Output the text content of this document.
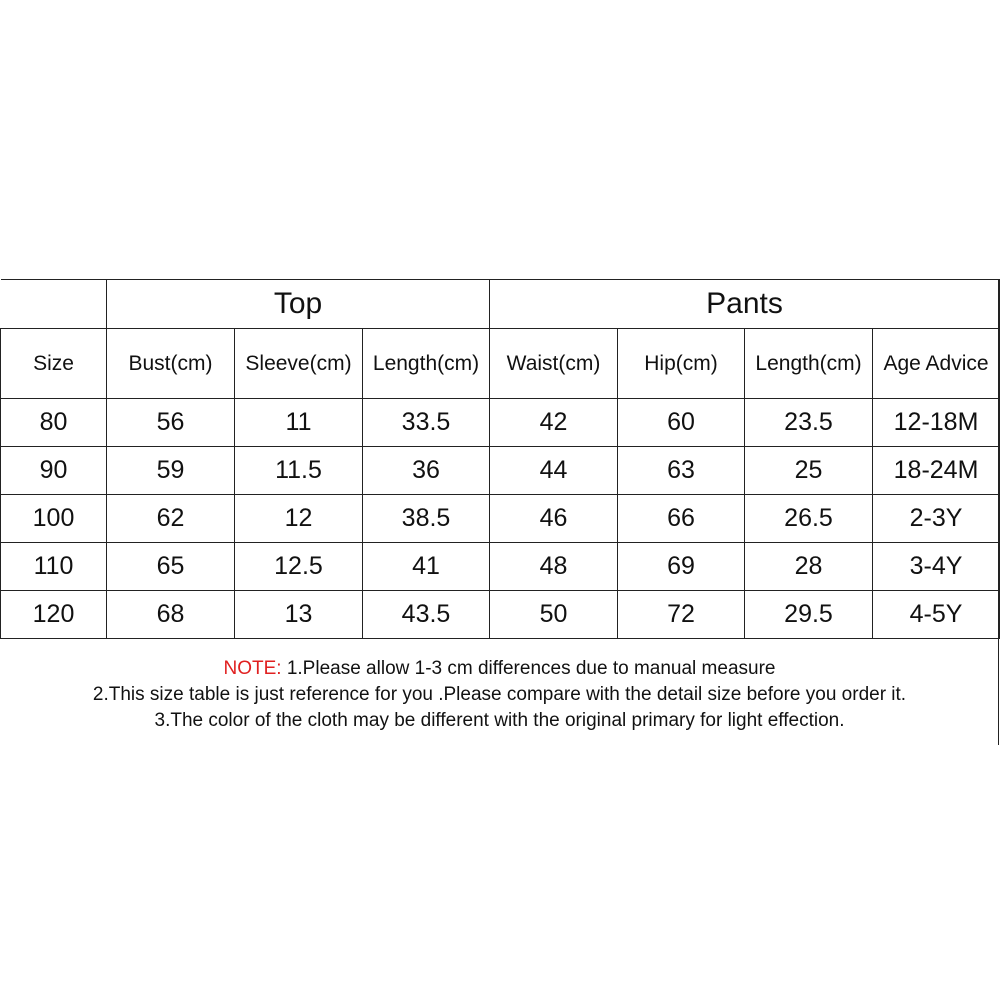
	Top			Pants			
Size	Bust(cm)	Sleeve(cm)	Length(cm)	Waist(cm)	Hip(cm)	Length(cm)	Age Advice
80	56	11	33.5	42	60	23.5	12-18M
90	59	11.5	36	44	63	25	18-24M
100	62	12	38.5	46	66	26.5	2-3Y
110	65	12.5	41	48	69	28	3-4Y
120	68	13	43.5	50	72	29.5	4-5Y
NOTE: 1.Please allow 1-3 cm differences due to manual measure
2.This size table is just reference for you .Please compare with the detail size before you order it.
3.The color of the cloth may be different with the original primary for light effection.
